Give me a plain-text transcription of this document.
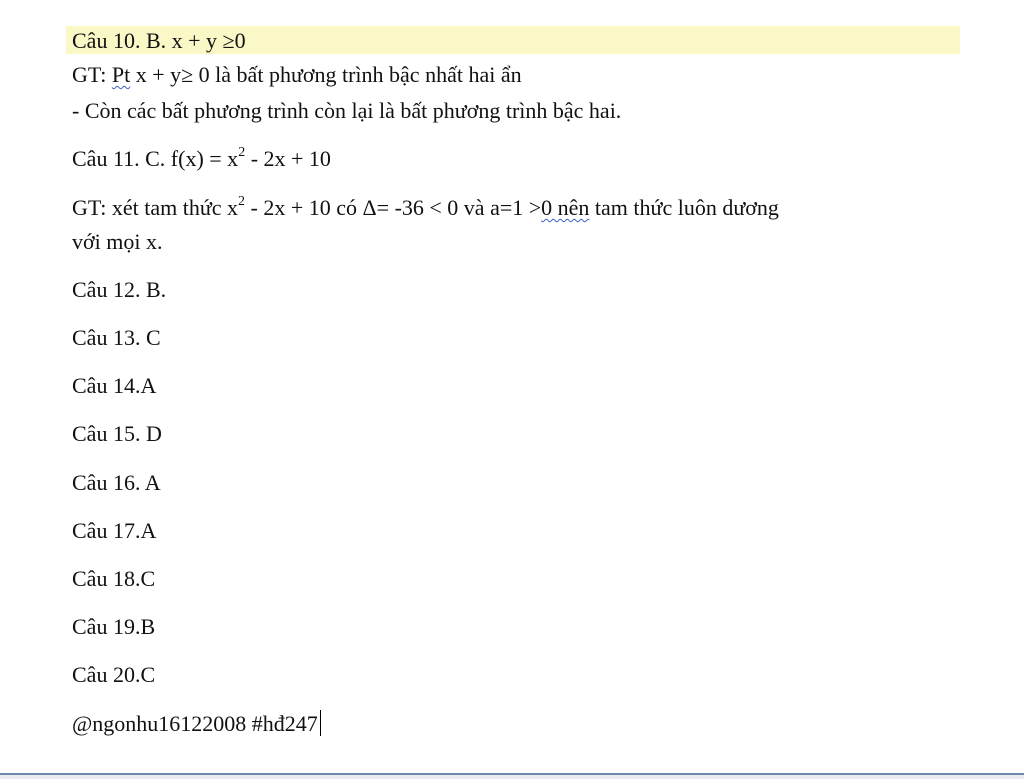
Câu 10. B. x + y ≥0
GT: Pt x + y≥ 0 là bất phương trình bậc nhất hai ẩn
- Còn các bất phương trình còn lại là bất phương trình bậc hai.
Câu 11. C. $f(x) = x^2 - 2x + 10$
GT: xét tam thức $x^2 - 2x + 10$ có Δ= -36 < 0 và a=1 >0 nên tam thức luôn dương
với mọi x.
Câu 12. B.
Câu 13. C
Câu 14.A
Câu 15. D
Câu 16. A
Câu 17.A
Câu 18.C
Câu 19.B
Câu 20.C
@ngonhu16122008 #hđ247
